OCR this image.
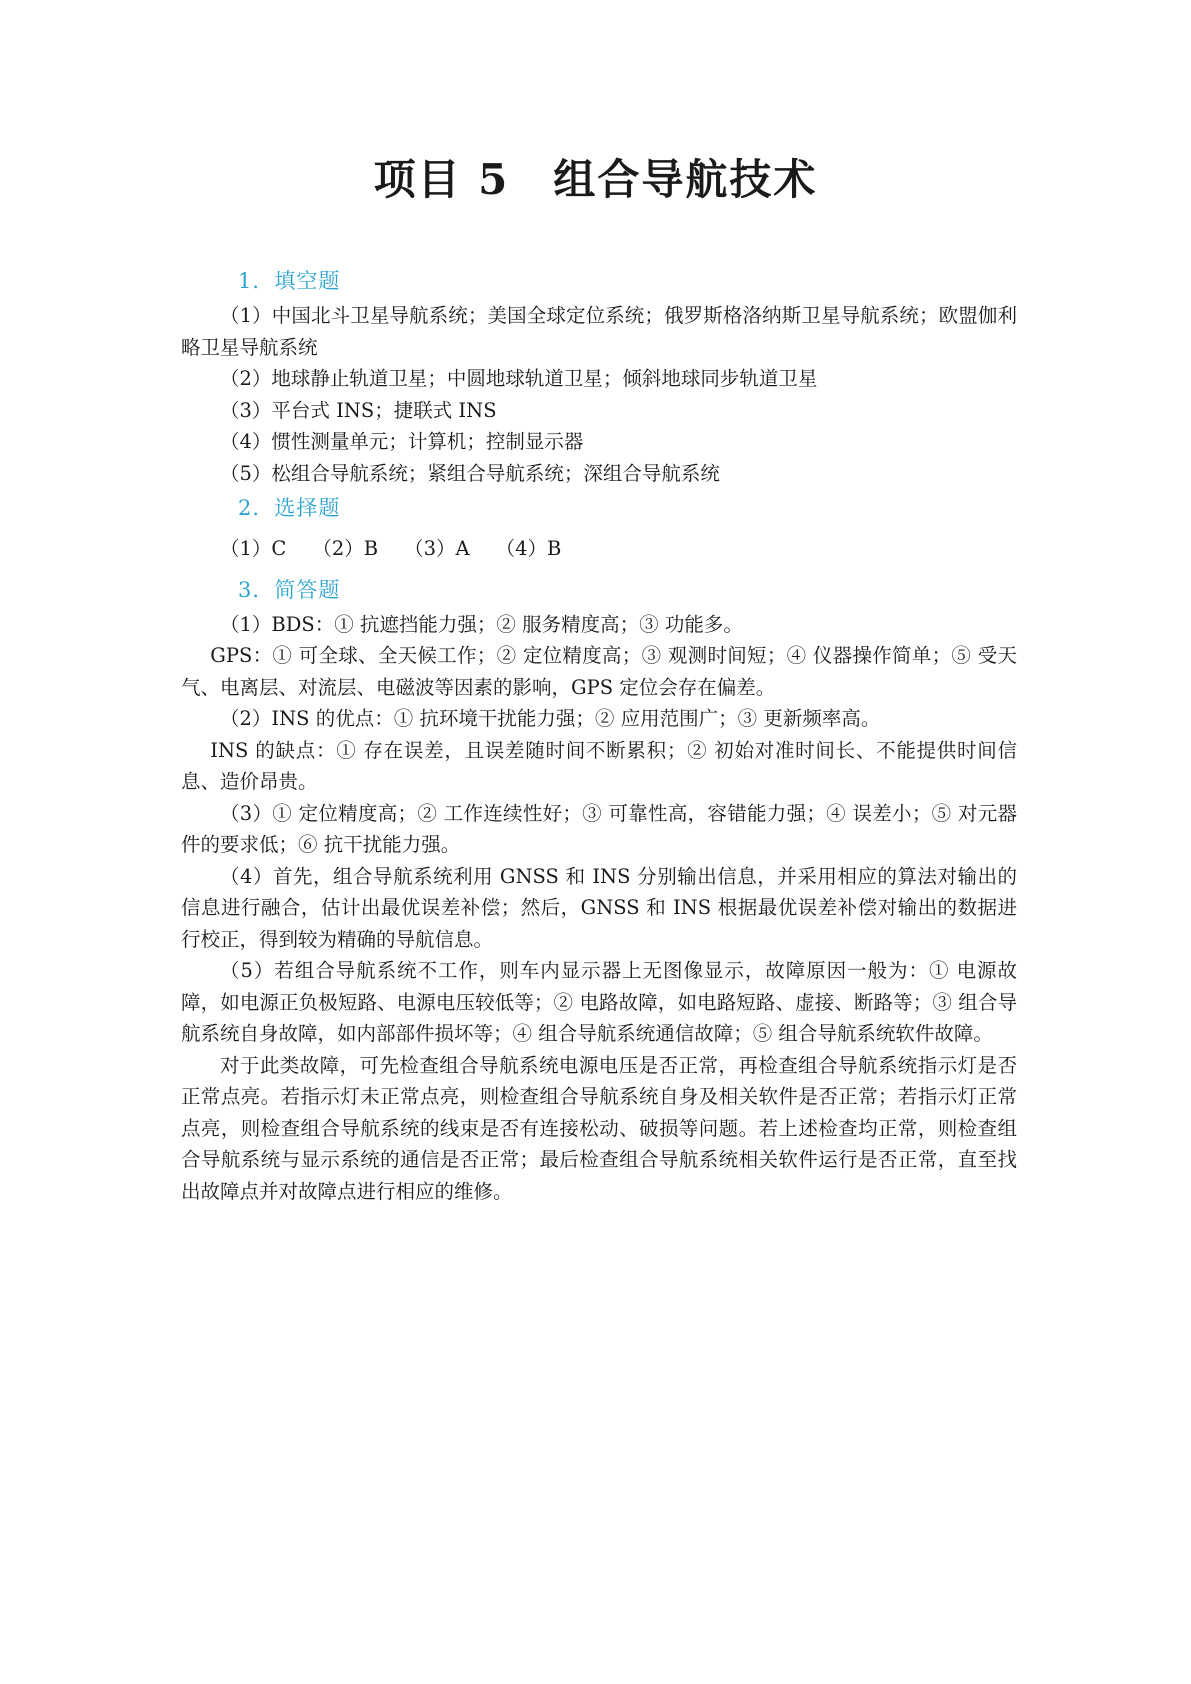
项目 5　组合导航技术
1．填空题

（1）中国北斗卫星导航系统；美国全球定位系统；俄罗斯格洛纳斯卫星导航系统；欧盟伽利略卫星导航系统

（2）地球静止轨道卫星；中圆地球轨道卫星；倾斜地球同步轨道卫星

（3）平台式 INS；捷联式 INS

（4）惯性测量单元；计算机；控制显示器

（5）松组合导航系统；紧组合导航系统；深组合导航系统

2．选择题

（1）C （2）B （3）A （4）B

3．简答题

（1）BDS：① 抗遮挡能力强；② 服务精度高；③ 功能多。

GPS：① 可全球、全天候工作；② 定位精度高；③ 观测时间短；④ 仪器操作简单；⑤ 受天气、电离层、对流层、电磁波等因素的影响，GPS 定位会存在偏差。

（2）INS 的优点：① 抗环境干扰能力强；② 应用范围广；③ 更新频率高。

INS 的缺点：① 存在误差，且误差随时间不断累积；② 初始对准时间长、不能提供时间信息、造价昂贵。

（3）① 定位精度高；② 工作连续性好；③ 可靠性高，容错能力强；④ 误差小；⑤ 对元器件的要求低；⑥ 抗干扰能力强。

（4）首先，组合导航系统利用 GNSS 和 INS 分别输出信息，并采用相应的算法对输出的信息进行融合，估计出最优误差补偿；然后，GNSS 和 INS 根据最优误差补偿对输出的数据进行校正，得到较为精确的导航信息。

（5）若组合导航系统不工作，则车内显示器上无图像显示，故障原因一般为：① 电源故障，如电源正负极短路、电源电压较低等；② 电路故障，如电路短路、虚接、断路等；③ 组合导航系统自身故障，如内部部件损坏等；④ 组合导航系统通信故障；⑤ 组合导航系统软件故障。

对于此类故障，可先检查组合导航系统电源电压是否正常，再检查组合导航系统指示灯是否正常点亮。若指示灯未正常点亮，则检查组合导航系统自身及相关软件是否正常；若指示灯正常点亮，则检查组合导航系统的线束是否有连接松动、破损等问题。若上述检查均正常，则检查组合导航系统与显示系统的通信是否正常；最后检查组合导航系统相关软件运行是否正常，直至找出故障点并对故障点进行相应的维修。
